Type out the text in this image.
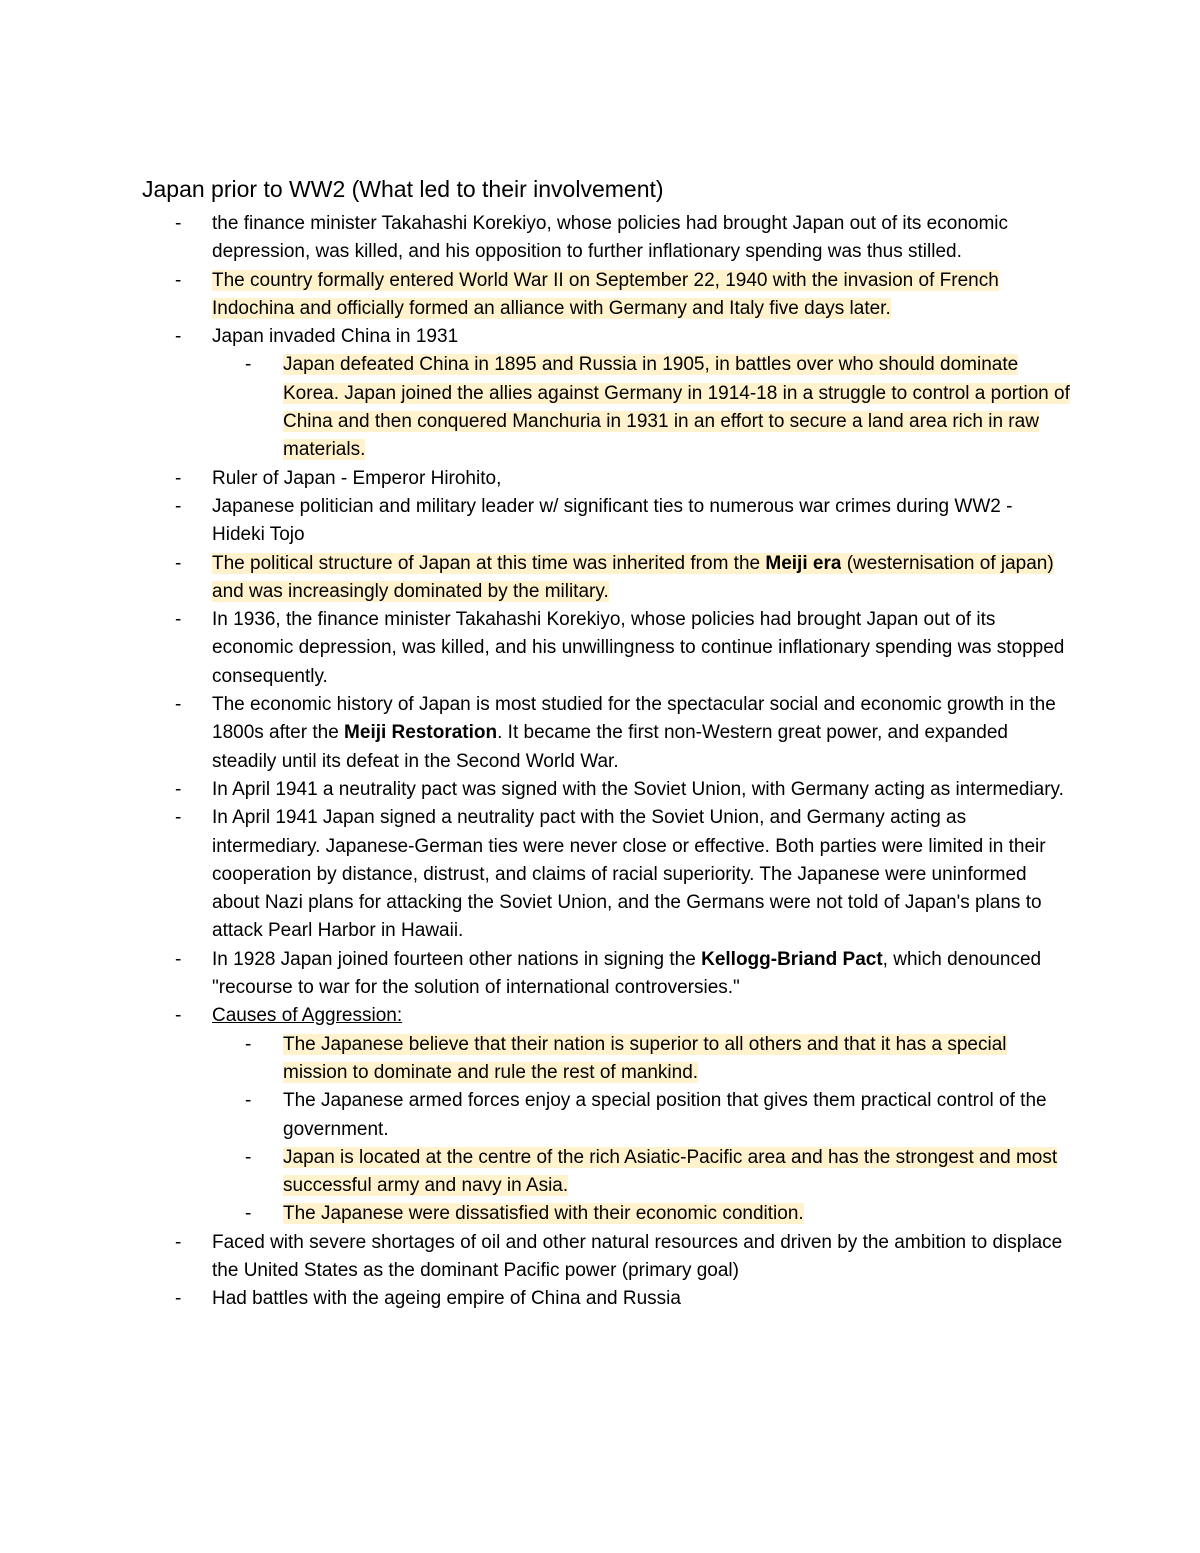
Japan prior to WW2 (What led to their involvement)
- the finance minister Takahashi Korekiyo, whose policies had brought Japan out of its economic depression, was killed, and his opposition to further inflationary spending was thus stilled.
- The country formally entered World War II on September 22, 1940 with the invasion of French Indochina and officially formed an alliance with Germany and Italy five days later.
- Japan invaded China in 1931
- Japan defeated China in 1895 and Russia in 1905, in battles over who should dominate Korea. Japan joined the allies against Germany in 1914-18 in a struggle to control a portion of China and then conquered Manchuria in 1931 in an effort to secure a land area rich in raw materials.
- Ruler of Japan - Emperor Hirohito,
- Japanese politician and military leader w/ significant ties to numerous war crimes during WW2 - Hideki Tojo
- The political structure of Japan at this time was inherited from the Meiji era (westernisation of japan) and was increasingly dominated by the military.
- In 1936, the finance minister Takahashi Korekiyo, whose policies had brought Japan out of its economic depression, was killed, and his unwillingness to continue inflationary spending was stopped consequently.
- The economic history of Japan is most studied for the spectacular social and economic growth in the 1800s after the Meiji Restoration. It became the first non-Western great power, and expanded steadily until its defeat in the Second World War.
- In April 1941 a neutrality pact was signed with the Soviet Union, with Germany acting as intermediary.
- In April 1941 Japan signed a neutrality pact with the Soviet Union, and Germany acting as intermediary. Japanese-German ties were never close or effective. Both parties were limited in their cooperation by distance, distrust, and claims of racial superiority. The Japanese were uninformed about Nazi plans for attacking the Soviet Union, and the Germans were not told of Japan's plans to attack Pearl Harbor in Hawaii.
- In 1928 Japan joined fourteen other nations in signing the Kellogg-Briand Pact, which denounced "recourse to war for the solution of international controversies."
- Causes of Aggression:
- The Japanese believe that their nation is superior to all others and that it has a special mission to dominate and rule the rest of mankind.
- The Japanese armed forces enjoy a special position that gives them practical control of the government.
- Japan is located at the centre of the rich Asiatic-Pacific area and has the strongest and most successful army and navy in Asia.
- The Japanese were dissatisfied with their economic condition.
- Faced with severe shortages of oil and other natural resources and driven by the ambition to displace the United States as the dominant Pacific power (primary goal)
- Had battles with the ageing empire of China and Russia
